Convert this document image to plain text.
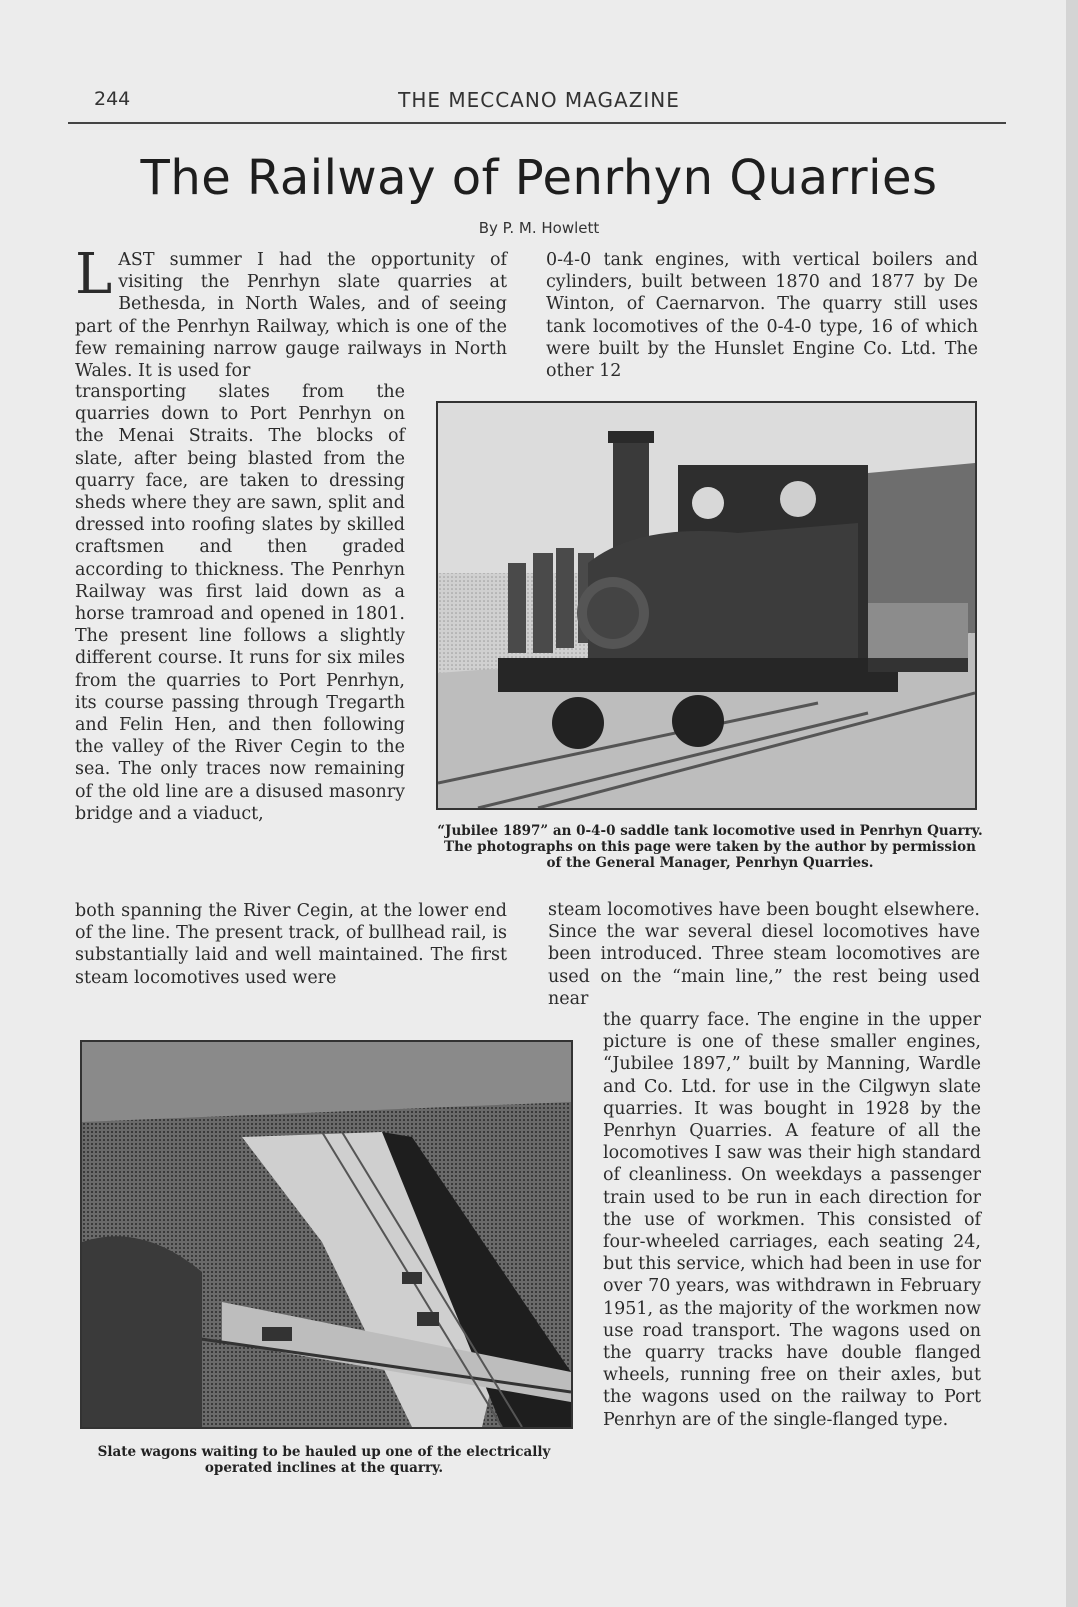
244	THE MECCANO MAGAZINE
The Railway of Penrhyn Quarries
By P. M. Howlett
LAST summer I had the opportunity of visiting the Penrhyn slate quarries at Bethesda, in North Wales, and of seeing part of the Penrhyn Railway, which is one of the few remaining narrow gauge railways in North Wales. It is used for
transporting slates from the quarries down to Port Penrhyn on the Menai Straits. The blocks of slate, after being blasted from the quarry face, are taken to dressing sheds where they are sawn, split and dressed into roofing slates by skilled craftsmen and then graded according to thickness. The Penrhyn Railway was first laid down as a horse tramroad and opened in 1801. The present line follows a slightly different course. It runs for six miles from the quarries to Port Penrhyn, its course passing through Tregarth and Felin Hen, and then following the valley of the River Cegin to the sea. The only traces now remaining of the old line are a disused masonry bridge and a viaduct,
both spanning the River Cegin, at the lower end of the line. The present track, of bullhead rail, is substantially laid and well maintained. The first steam locomotives used were
0-4-0 tank engines, with vertical boilers and cylinders, built between 1870 and 1877 by De Winton, of Caernarvon. The quarry still uses tank locomotives of the 0-4-0 type, 16 of which were built by the Hunslet Engine Co. Ltd. The other 12
“Jubilee 1897” an 0-4-0 saddle tank locomotive used in Penrhyn Quarry. The photographs on this page were taken by the author by permission of the General Manager, Penrhyn Quarries.
Slate wagons waiting to be hauled up one of the electrically operated inclines at the quarry.
steam locomotives have been bought elsewhere. Since the war several diesel locomotives have been introduced. Three steam locomotives are used on the “main line,” the rest being used near
the quarry face. The engine in the upper picture is one of these smaller engines, “Jubilee 1897,” built by Manning, Wardle and Co. Ltd. for use in the Cilgwyn slate quarries. It was bought in 1928 by the Penrhyn Quarries. A feature of all the locomotives I saw was their high standard of cleanliness. On weekdays a passenger train used to be run in each direction for the use of workmen. This consisted of four-wheeled carriages, each seating 24, but this service, which had been in use for over 70 years, was withdrawn in February 1951, as the majority of the workmen now use road transport. The wagons used on the quarry tracks have double flanged wheels, running free on their axles, but the wagons used on the railway to Port Penrhyn are of the single-flanged type.
